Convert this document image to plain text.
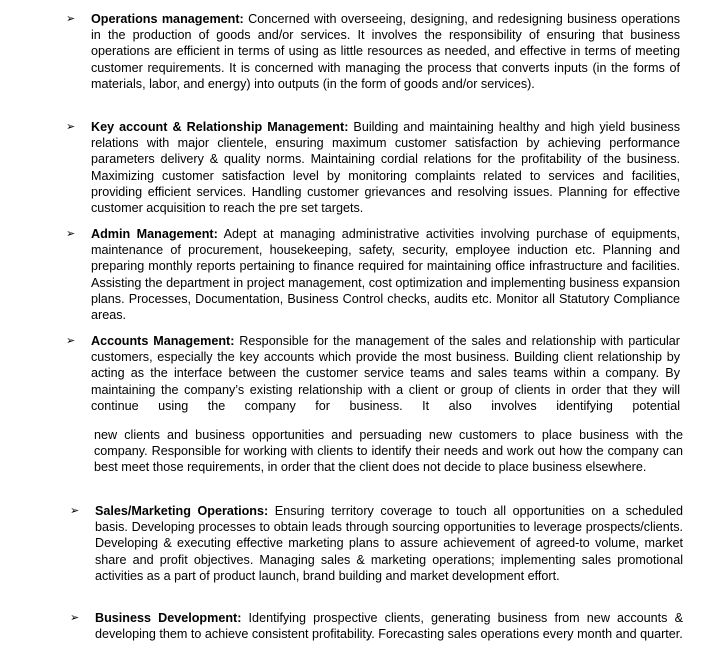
➢ Operations management: Concerned with overseeing, designing, and redesigning business operations in the production of goods and/or services. It involves the responsibility of ensuring that business operations are efficient in terms of using as little resources as needed, and effective in terms of meeting customer requirements. It is concerned with managing the process that converts inputs (in the forms of materials, labor, and energy) into outputs (in the form of goods and/or services).
➢ Key account & Relationship Management: Building and maintaining healthy and high yield business relations with major clientele, ensuring maximum customer satisfaction by achieving performance parameters delivery & quality norms. Maintaining cordial relations for the profitability of the business. Maximizing customer satisfaction level by monitoring complaints related to services and facilities, providing efficient services. Handling customer grievances and resolving issues. Planning for effective customer acquisition to reach the pre set targets.
➢ Admin Management: Adept at managing administrative activities involving purchase of equipments, maintenance of procurement, housekeeping, safety, security, employee induction etc. Planning and preparing monthly reports pertaining to finance required for maintaining office infrastructure and facilities. Assisting the department in project management, cost optimization and implementing business expansion plans. Processes, Documentation, Business Control checks, audits etc. Monitor all Statutory Compliance areas.
➢ Accounts Management: Responsible for the management of the sales and relationship with particular customers, especially the key accounts which provide the most business. Building client relationship by acting as the interface between the customer service teams and sales teams within a company. By maintaining the company’s existing relationship with a client or group of clients in order that they will continue using the company for business. It also involves identifying potential
new clients and business opportunities and persuading new customers to place business with the company. Responsible for working with clients to identify their needs and work out how the company can best meet those requirements, in order that the client does not decide to place business elsewhere.
➢ Sales/Marketing Operations: Ensuring territory coverage to touch all opportunities on a scheduled basis. Developing processes to obtain leads through sourcing opportunities to leverage prospects/clients. Developing & executing effective marketing plans to assure achievement of agreed-to volume, market share and profit objectives. Managing sales & marketing operations; implementing sales promotional activities as a part of product launch, brand building and market development effort.
➢ Business Development: Identifying prospective clients, generating business from new accounts & developing them to achieve consistent profitability. Forecasting sales operations every month and quarter.
